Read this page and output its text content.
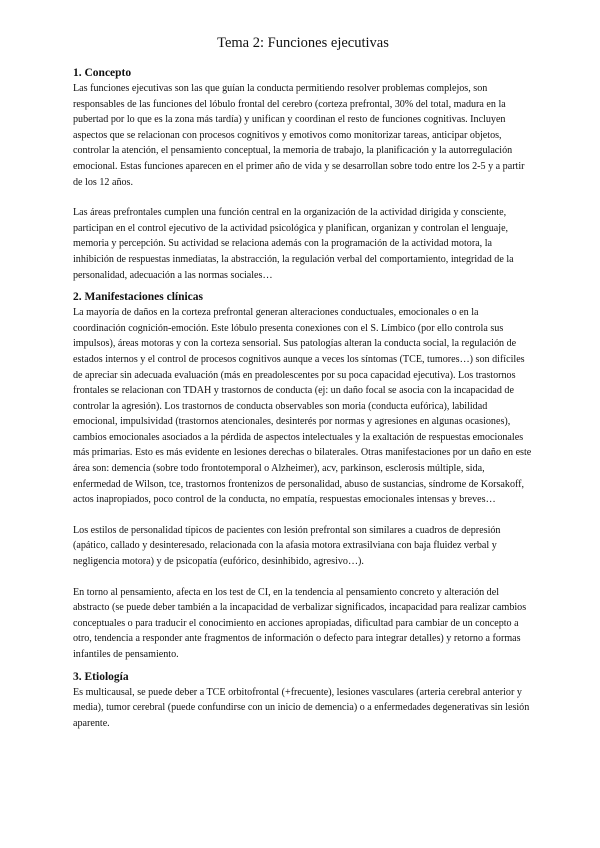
Tema 2: Funciones ejecutivas
1. Concepto

Las funciones ejecutivas son las que guían la conducta permitiendo resolver problemas complejos, son responsables de las funciones del lóbulo frontal del cerebro (corteza prefrontal, 30% del total, madura en la pubertad por lo que es la zona más tardía) y unifican y coordinan el resto de funciones cognitivas. Incluyen aspectos que se relacionan con procesos cognitivos y emotivos como monitorizar tareas, anticipar objetos, controlar la atención, el pensamiento conceptual, la memoria de trabajo, la planificación y la autorregulación emocional. Estas funciones aparecen en el primer año de vida y se desarrollan sobre todo entre los 2-5 y a partir de los 12 años.

Las áreas prefrontales cumplen una función central en la organización de la actividad dirigida y consciente, participan en el control ejecutivo de la actividad psicológica y planifican, organizan y controlan el lenguaje, memoria y percepción. Su actividad se relaciona además con la programación de la actividad motora, la inhibición de respuestas inmediatas, la abstracción, la regulación verbal del comportamiento, integridad de la personalidad, adecuación a las normas sociales…

2. Manifestaciones clínicas

La mayoría de daños en la corteza prefrontal generan alteraciones conductuales, emocionales o en la coordinación cognición-emoción. Este lóbulo presenta conexiones con el S. Límbico (por ello controla sus impulsos), áreas motoras y con la corteza sensorial. Sus patologías alteran la conducta social, la regulación de estados internos y el control de procesos cognitivos aunque a veces los síntomas (TCE, tumores…) son difíciles de apreciar sin adecuada evaluación (más en preadolescentes por su poca capacidad ejecutiva). Los trastornos frontales se relacionan con TDAH y trastornos de conducta (ej: un daño focal se asocia con la incapacidad de controlar la agresión). Los trastornos de conducta observables son moria (conducta eufórica), labilidad emocional, impulsividad (trastornos atencionales, desinterés por normas y agresiones en algunas ocasiones), cambios emocionales asociados a la pérdida de aspectos intelectuales y la exaltación de respuestas emocionales más primarias. Esto es más evidente en lesiones derechas o bilaterales. Otras manifestaciones por un daño en este área son: demencia (sobre todo frontotemporal o Alzheimer), acv, parkinson, esclerosis múltiple, sida, enfermedad de Wilson, tce, trastornos frontenizos de personalidad, abuso de sustancias, síndrome de Korsakoff, actos inapropiados, poco control de la conducta, no empatía, respuestas emocionales intensas y breves…

Los estilos de personalidad típicos de pacientes con lesión prefrontal son similares a cuadros de depresión (apático, callado y desinteresado, relacionada con la afasia motora extrasilviana con baja fluidez verbal y negligencia motora) y de psicopatía (eufórico, desinhibido, agresivo…).

En torno al pensamiento, afecta en los test de CI, en la tendencia al pensamiento concreto y alteración del abstracto (se puede deber también a la incapacidad de verbalizar significados, incapacidad para realizar cambios conceptuales o para traducir el conocimiento en acciones apropiadas, dificultad para cambiar de un concepto a otro, tendencia a responder ante fragmentos de información o defecto para integrar detalles) y retorno a formas infantiles de pensamiento.

3. Etiología

Es multicausal, se puede deber a TCE orbitofrontal (+frecuente), lesiones vasculares (arteria cerebral anterior y media), tumor cerebral (puede confundirse con un inicio de demencia) o a enfermedades degenerativas sin lesión aparente.
